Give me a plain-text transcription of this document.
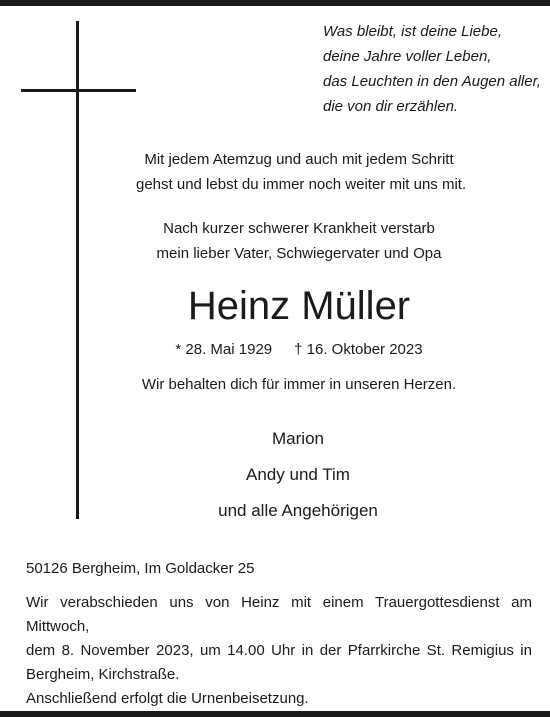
Was bleibt, ist deine Liebe,
deine Jahre voller Leben,
das Leuchten in den Augen aller,
die von dir erzählen.
Mit jedem Atemzug und auch mit jedem Schritt
gehst und lebst du immer noch weiter mit uns mit.
Nach kurzer schwerer Krankheit verstarb
mein lieber Vater, Schwiegervater und Opa
Heinz Müller
* 28. Mai 1929 † 16. Oktober 2023
Wir behalten dich für immer in unseren Herzen.
Marion
Andy und Tim
und alle Angehörigen
50126 Bergheim, Im Goldacker 25
Wir verabschieden uns von Heinz mit einem Trauergottesdienst am Mittwoch,
dem 8. November 2023, um 14.00 Uhr in der Pfarrkirche St. Remigius in
Bergheim, Kirchstraße.
Anschließend erfolgt die Urnenbeisetzung.
